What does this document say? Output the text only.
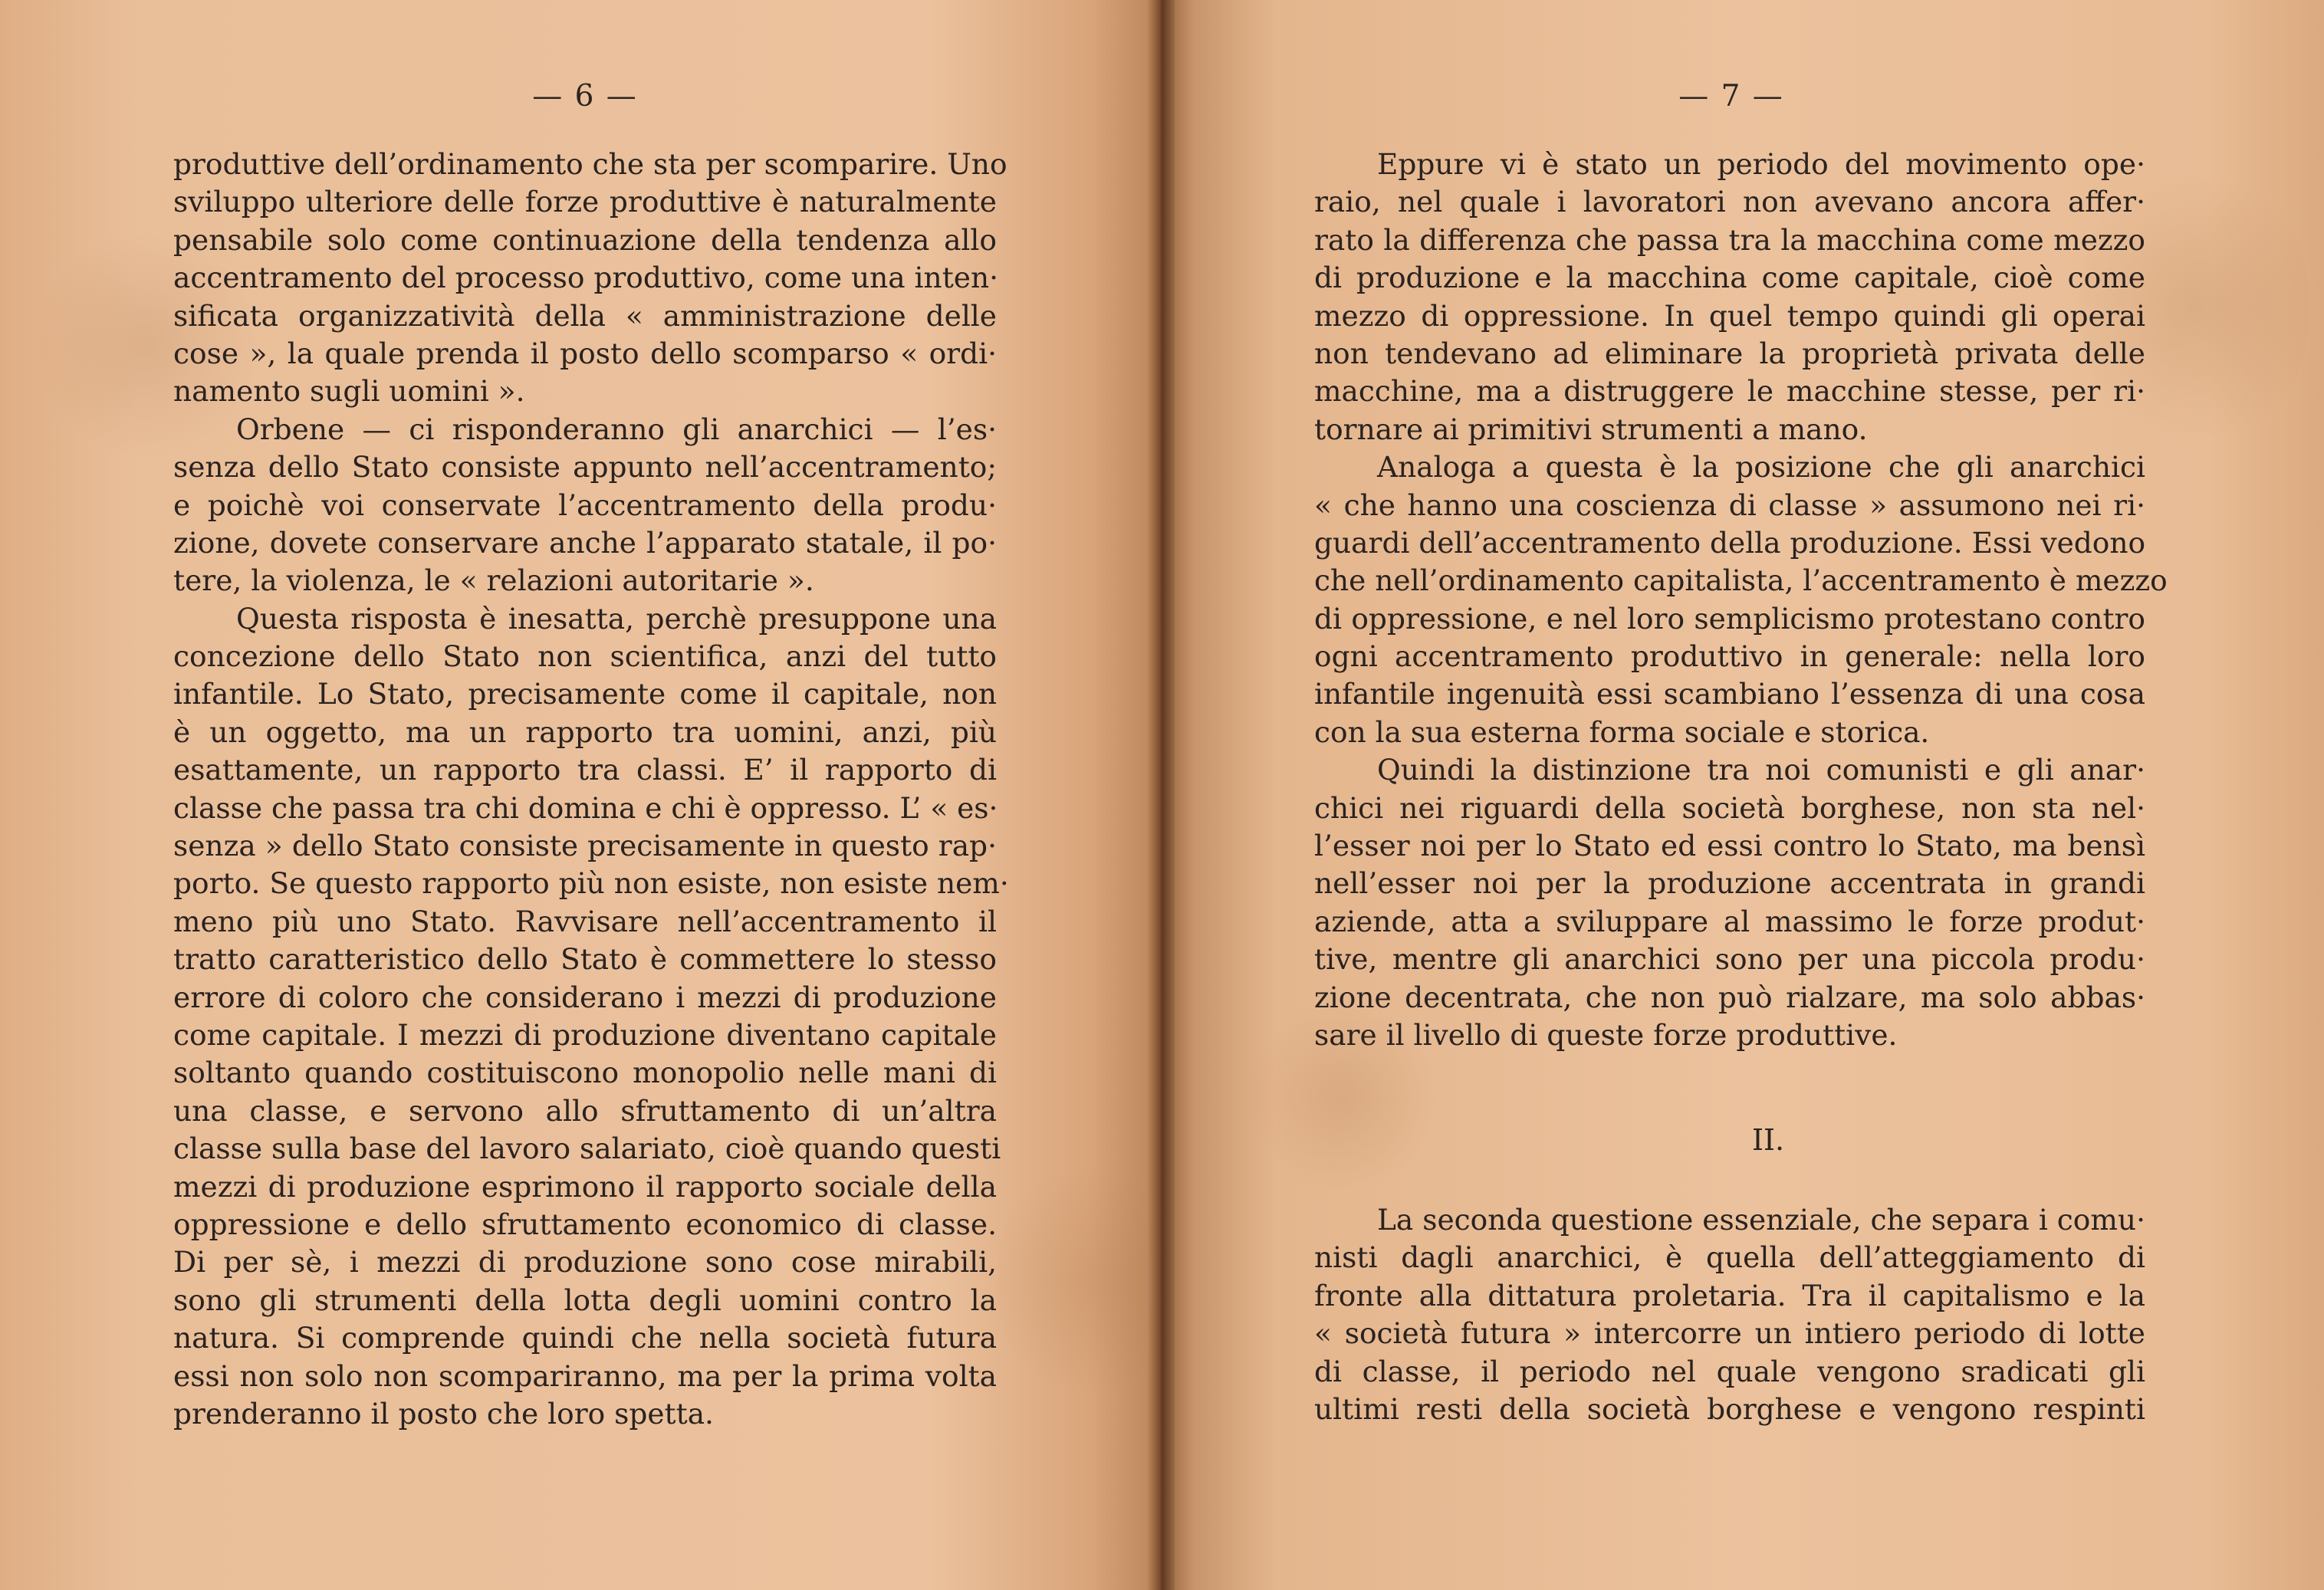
— 6 —
produttive dell’ordinamento che sta per scomparire. Uno
sviluppo ulteriore delle forze produttive è naturalmente
pensabile solo come continuazione della tendenza allo
accentramento del processo produttivo, come una inten·
sificata organizzatività della « amministrazione delle
cose », la quale prenda il posto dello scomparso « ordi·
namento sugli uomini ».
Orbene — ci risponderanno gli anarchici — l’es·
senza dello Stato consiste appunto nell’accentramento;
e poichè voi conservate l’accentramento della produ·
zione, dovete conservare anche l’apparato statale, il po·
tere, la violenza, le « relazioni autoritarie ».
Questa risposta è inesatta, perchè presuppone una
concezione dello Stato non scientifica, anzi del tutto
infantile. Lo Stato, precisamente come il capitale, non
è un oggetto, ma un rapporto tra uomini, anzi, più
esattamente, un rapporto tra classi. E’ il rapporto di
classe che passa tra chi domina e chi è oppresso. L’ « es·
senza » dello Stato consiste precisamente in questo rap·
porto. Se questo rapporto più non esiste, non esiste nem·
meno più uno Stato. Ravvisare nell’accentramento il
tratto caratteristico dello Stato è commettere lo stesso
errore di coloro che considerano i mezzi di produzione
come capitale. I mezzi di produzione diventano capitale
soltanto quando costituiscono monopolio nelle mani di
una classe, e servono allo sfruttamento di un’altra
classe sulla base del lavoro salariato, cioè quando questi
mezzi di produzione esprimono il rapporto sociale della
oppressione e dello sfruttamento economico di classe.
Di per sè, i mezzi di produzione sono cose mirabili,
sono gli strumenti della lotta degli uomini contro la
natura. Si comprende quindi che nella società futura
essi non solo non scompariranno, ma per la prima volta
prenderanno il posto che loro spetta.
— 7 —
Eppure vi è stato un periodo del movimento ope·
raio, nel quale i lavoratori non avevano ancora affer·
rato la differenza che passa tra la macchina come mezzo
di produzione e la macchina come capitale, cioè come
mezzo di oppressione. In quel tempo quindi gli operai
non tendevano ad eliminare la proprietà privata delle
macchine, ma a distruggere le macchine stesse, per ri·
tornare ai primitivi strumenti a mano.
Analoga a questa è la posizione che gli anarchici
« che hanno una coscienza di classe » assumono nei ri·
guardi dell’accentramento della produzione. Essi vedono
che nell’ordinamento capitalista, l’accentramento è mezzo
di oppressione, e nel loro semplicismo protestano contro
ogni accentramento produttivo in generale: nella loro
infantile ingenuità essi scambiano l’essenza di una cosa
con la sua esterna forma sociale e storica.
Quindi la distinzione tra noi comunisti e gli anar·
chici nei riguardi della società borghese, non sta nel·
l’esser noi per lo Stato ed essi contro lo Stato, ma bensì
nell’esser noi per la produzione accentrata in grandi
aziende, atta a sviluppare al massimo le forze produt·
tive, mentre gli anarchici sono per una piccola produ·
zione decentrata, che non può rialzare, ma solo abbas·
sare il livello di queste forze produttive.
II.
La seconda questione essenziale, che separa i comu·
nisti dagli anarchici, è quella dell’atteggiamento di
fronte alla dittatura proletaria. Tra il capitalismo e la
« società futura » intercorre un intiero periodo di lotte
di classe, il periodo nel quale vengono sradicati gli
ultimi resti della società borghese e vengono respinti
